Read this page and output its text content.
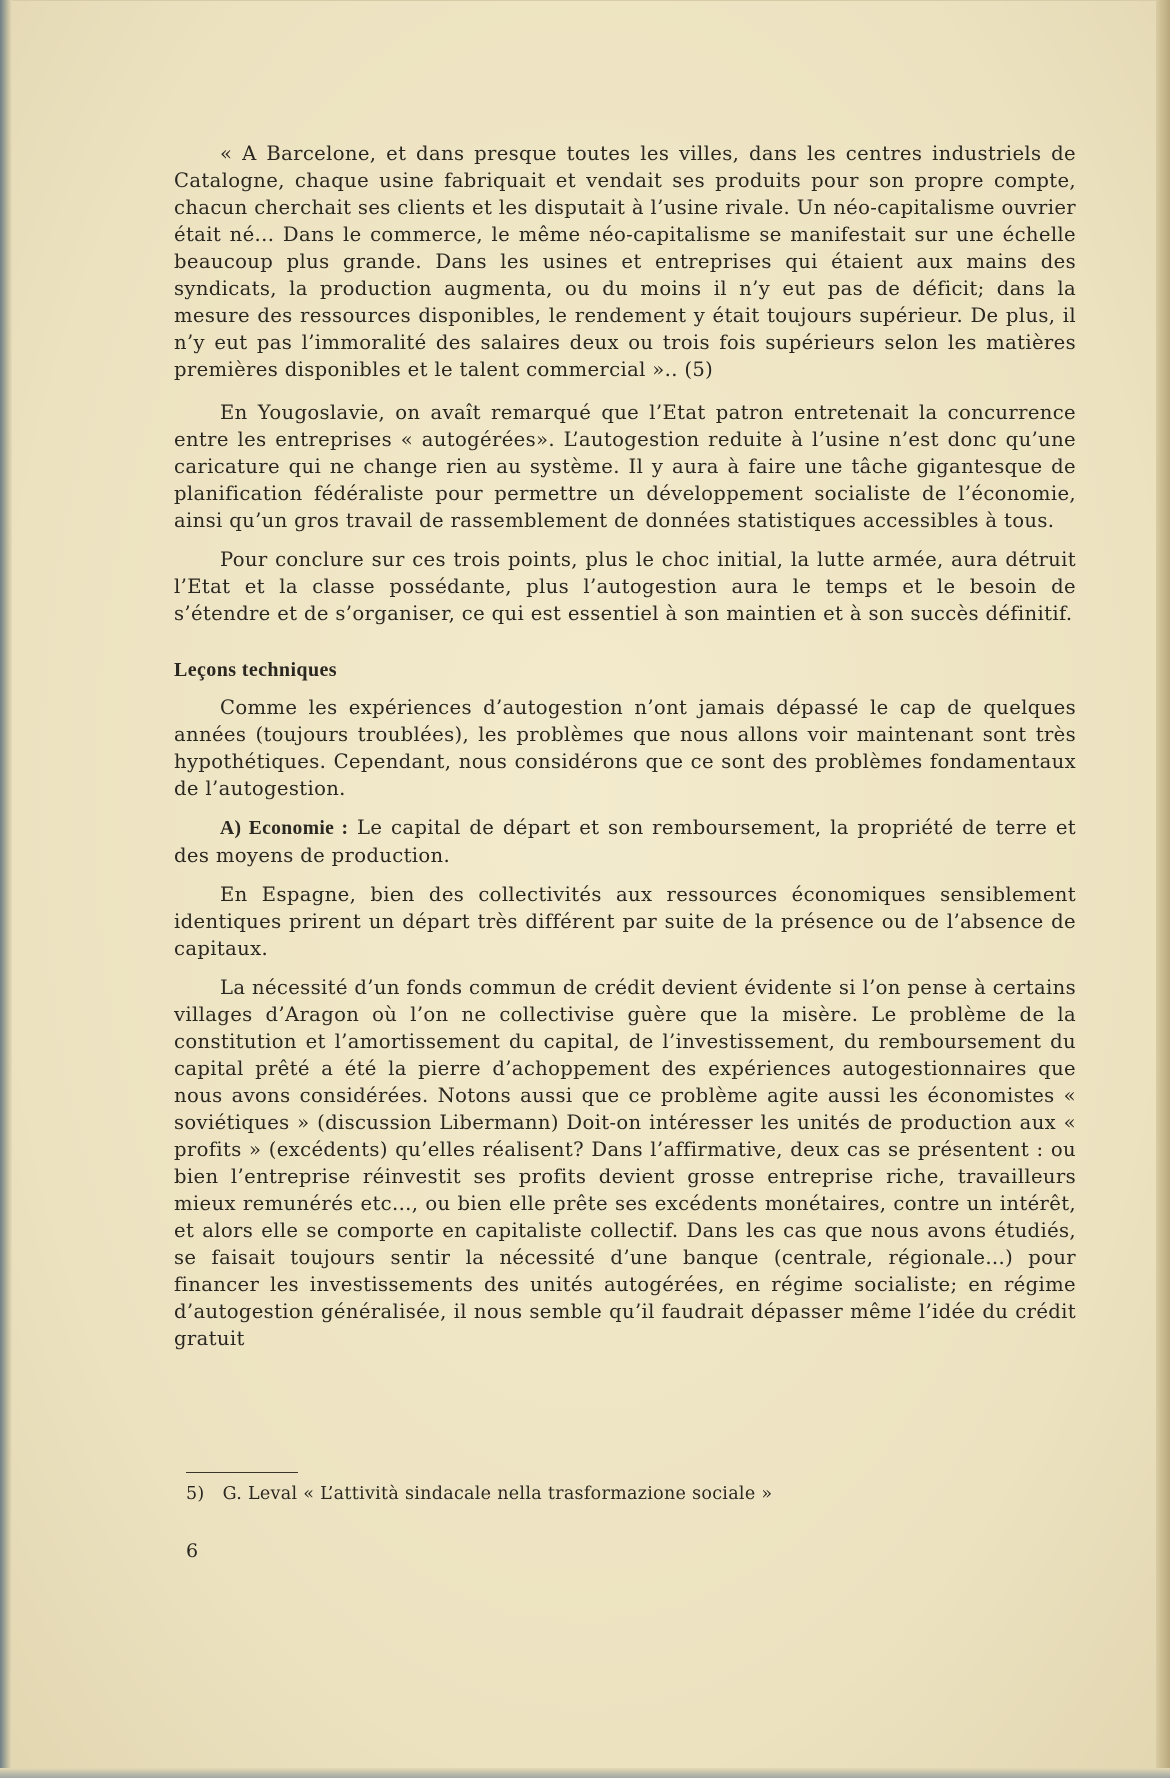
« A Barcelone, et dans presque toutes les villes, dans les centres industriels de Catalogne, chaque usine fabriquait et vendait ses produits pour son propre compte, chacun cherchait ses clients et les disputait à l’usine rivale. Un néo-capitalisme ouvrier était né... Dans le commerce, le même néo-capitalisme se manifestait sur une échelle beaucoup plus grande. Dans les usines et entreprises qui étaient aux mains des syndicats, la production augmenta, ou du moins il n’y eut pas de déficit; dans la mesure des ressources disponibles, le rendement y était toujours supérieur. De plus, il n’y eut pas l’immoralité des salaires deux ou trois fois supérieurs selon les matières premières disponibles et le talent commercial ».. (5)

En Yougoslavie, on avaît remarqué que l’Etat patron entretenait la concurrence entre les entreprises « autogérées». L’autogestion reduite à l’usine n’est donc qu’une caricature qui ne change rien au système. Il y aura à faire une tâche gigantesque de planification fédéraliste pour permettre un développement socialiste de l’économie, ainsi qu’un gros travail de rassemblement de données statistiques accessibles à tous.

Pour conclure sur ces trois points, plus le choc initial, la lutte armée, aura détruit l’Etat et la classe possédante, plus l’autogestion aura le temps et le besoin de s’étendre et de s’organiser, ce qui est essentiel à son maintien et à son succès définitif.

Leçons techniques

Comme les expériences d’autogestion n’ont jamais dépassé le cap de quelques années (toujours troublées), les problèmes que nous allons voir maintenant sont très hypothétiques. Cependant, nous considérons que ce sont des problèmes fondamentaux de l’autogestion.

A) Economie : Le capital de départ et son remboursement, la propriété de terre et des moyens de production.

En Espagne, bien des collectivités aux ressources économiques sensiblement identiques prirent un départ très différent par suite de la présence ou de l’absence de capitaux.

La nécessité d’un fonds commun de crédit devient évidente si l’on pense à certains villages d’Aragon où l’on ne collectivise guère que la misère. Le problème de la constitution et l’amortissement du capital, de l’investissement, du remboursement du capital prêté a été la pierre d’achoppement des expériences autogestionnaires que nous avons considérées. Notons aussi que ce problème agite aussi les économistes « soviétiques » (discussion Libermann) Doit-on intéresser les unités de production aux « profits » (excédents) qu’elles réalisent? Dans l’affirmative, deux cas se présentent : ou bien l’entreprise réinvestit ses profits devient grosse entreprise riche, travailleurs mieux remunérés etc..., ou bien elle prête ses excédents monétaires, contre un intérêt, et alors elle se comporte en capitaliste collectif. Dans les cas que nous avons étudiés, se faisait toujours sentir la nécessité d’une banque (centrale, régionale...) pour financer les investissements des unités autogérées, en régime socialiste; en régime d’autogestion généralisée, il nous semble qu’il faudrait dépasser même l’idée du crédit gratuit

5) G. Leval « L’attività sindacale nella trasformazione sociale »
6
